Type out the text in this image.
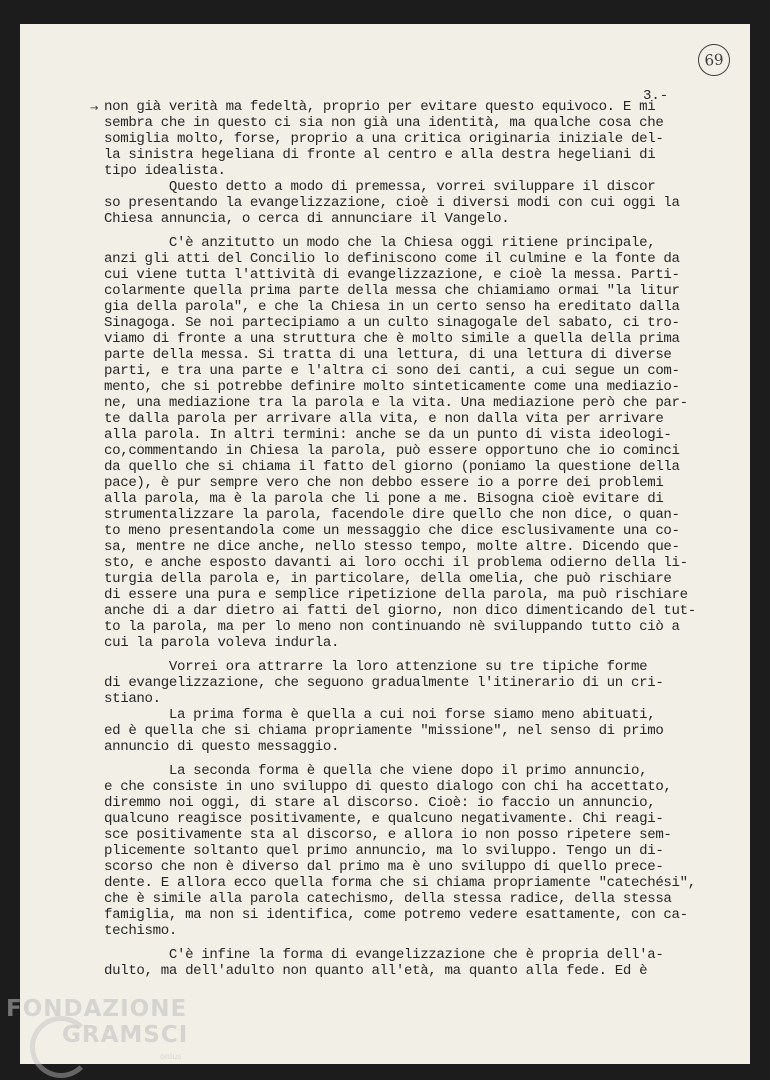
69
3.-
→ non già verità ma fedeltà, proprio per evitare questo equivoco. E mi
sembra che in questo ci sia non già una identità, ma qualche cosa che
somiglia molto, forse, proprio a una critica originaria iniziale del-
la sinistra hegeliana di fronte al centro e alla destra hegeliani di
tipo idealista.
Questo detto a modo di premessa, vorrei sviluppare il discor
so presentando la evangelizzazione, cioè i diversi modi con cui oggi la
Chiesa annuncia, o cerca di annunciare il Vangelo.
C'è anzitutto un modo che la Chiesa oggi ritiene principale,
anzi gli atti del Concilio lo definiscono come il culmine e la fonte da
cui viene tutta l'attività di evangelizzazione, e cioè la messa. Parti-
colarmente quella prima parte della messa che chiamiamo ormai "la litur
gia della parola", e che la Chiesa in un certo senso ha ereditato dalla
Sinagoga. Se noi partecipiamo a un culto sinagogale del sabato, ci tro-
viamo di fronte a una struttura che è molto simile a quella della prima
parte della messa. Si tratta di una lettura, di una lettura di diverse
parti, e tra una parte e l'altra ci sono dei canti, a cui segue un com-
mento, che si potrebbe definire molto sinteticamente come una mediazio-
ne, una mediazione tra la parola e la vita. Una mediazione però che par-
te dalla parola per arrivare alla vita, e non dalla vita per arrivare
alla parola. In altri termini: anche se da un punto di vista ideologi-
co,commentando in Chiesa la parola, può essere opportuno che io cominci
da quello che si chiama il fatto del giorno (poniamo la questione della
pace), è pur sempre vero che non debbo essere io a porre dei problemi
alla parola, ma è la parola che li pone a me. Bisogna cioè evitare di
strumentalizzare la parola, facendole dire quello che non dice, o quan-
to meno presentandola come un messaggio che dice esclusivamente una co-
sa, mentre ne dice anche, nello stesso tempo, molte altre. Dicendo que-
sto, e anche esposto davanti ai loro occhi il problema odierno della li-
turgia della parola e, in particolare, della omelia, che può rischiare
di essere una pura e semplice ripetizione della parola, ma può rischiare
anche di a dar dietro ai fatti del giorno, non dico dimenticando del tut-
to la parola, ma per lo meno non continuando nè sviluppando tutto ciò a
cui la parola voleva indurla.
Vorrei ora attrarre la loro attenzione su tre tipiche forme
di evangelizzazione, che seguono gradualmente l'itinerario di un cri-
stiano.
La prima forma è quella a cui noi forse siamo meno abituati,
ed è quella che si chiama propriamente "missione", nel senso di primo
annuncio di questo messaggio.
La seconda forma è quella che viene dopo il primo annuncio,
e che consiste in uno sviluppo di questo dialogo con chi ha accettato,
diremmo noi oggi, di stare al discorso. Cioè: io faccio un annuncio,
qualcuno reagisce positivamente, e qualcuno negativamente. Chi reagi-
sce positivamente sta al discorso, e allora io non posso ripetere sem-
plicemente soltanto quel primo annuncio, ma lo sviluppo. Tengo un di-
scorso che non è diverso dal primo ma è uno sviluppo di quello prece-
dente. E allora ecco quella forma che si chiama propriamente "catechési",
che è simile alla parola catechismo, della stessa radice, della stessa
famiglia, ma non si identifica, come potremo vedere esattamente, con ca-
techismo.
C'è infine la forma di evangelizzazione che è propria dell'a-
dulto, ma dell'adulto non quanto all'età, ma quanto alla fede. Ed è
FONDAZIONE
GRAMSCI
onlus
